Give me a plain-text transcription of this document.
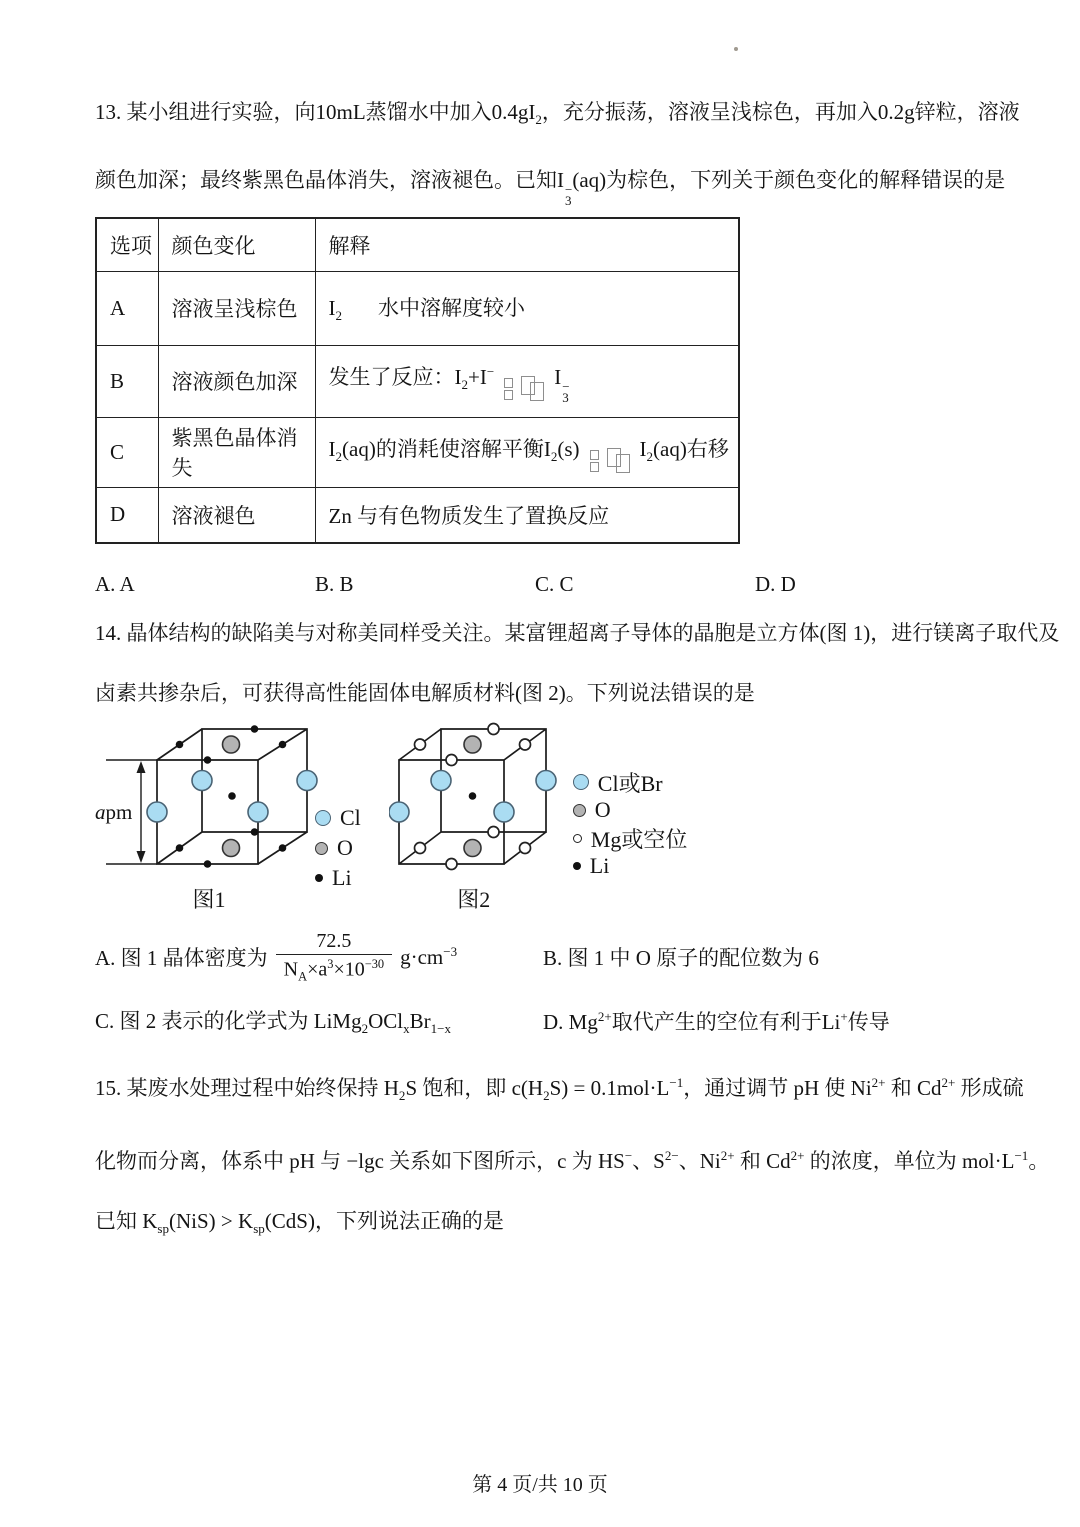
13. 某小组进行实验，向10mL蒸馏水中加入$0.4gI_2$，充分振荡，溶液呈浅棕色，再加入0.2g锌粒，溶液

颜色加深；最终紫黑色晶体消失，溶液褪色。已知I −
3
(aq)为棕色，下列关于颜色变化的解释错误的是

选项	颜色变化	解释
A	溶液呈浅棕色	$I_2$ 水中溶解度较小
B	溶液颜色加深	发生了反应：$I_2+I^-$ I −
3

C	紫黑色晶体消失	$I_2(aq)$的消耗使溶解平衡$I_2(s)$ $I_2(aq)$右移
D	溶液褪色	Zn 与有色物质发生了置换反应
A. A	B. B	C. C	D. D

14. 晶体结构的缺陷美与对称美同样受关注。某富锂超离子导体的晶胞是立方体(图 1)，进行镁离子取代及

卤素共掺杂后，可获得高性能固体电解质材料(图 2)。下列说法错误的是

apm
图1
Cl
O
Li
图2
Cl或Br
O
Mg或空位
Li
A. 图 1 晶体密度为 $\frac{72.5}{N_A\times a^3\times 10^{-30}} g\cdot cm^{-3}$	B. 图 1 中 O 原子的配位数为 6
C. 图 2 表示的化学式为 $LiMg_2OCl_xBr_{1-x}$	D. $Mg^{2+}$取代产生的空位有利于Li+传导

15. 某废水处理过程中始终保持 $H_2S$ 饱和，即 $c(H_2S) = 0.1mol\cdot L^{-1}$，通过调节 pH 使 $Ni^{2+}$ 和 $Cd^{2+}$ 形成硫

化物而分离，体系中 pH 与 −lgc 关系如下图所示，c 为 HS−、$S^{2-}$、$Ni^{2+}$ 和 $Cd^{2+}$ 的浓度，单位为 $mol\cdot L^{-1}$。

已知 $K_{sp}(NiS) > K_{sp}(CdS)$，下列说法正确的是

第 4 页/共 10 页
